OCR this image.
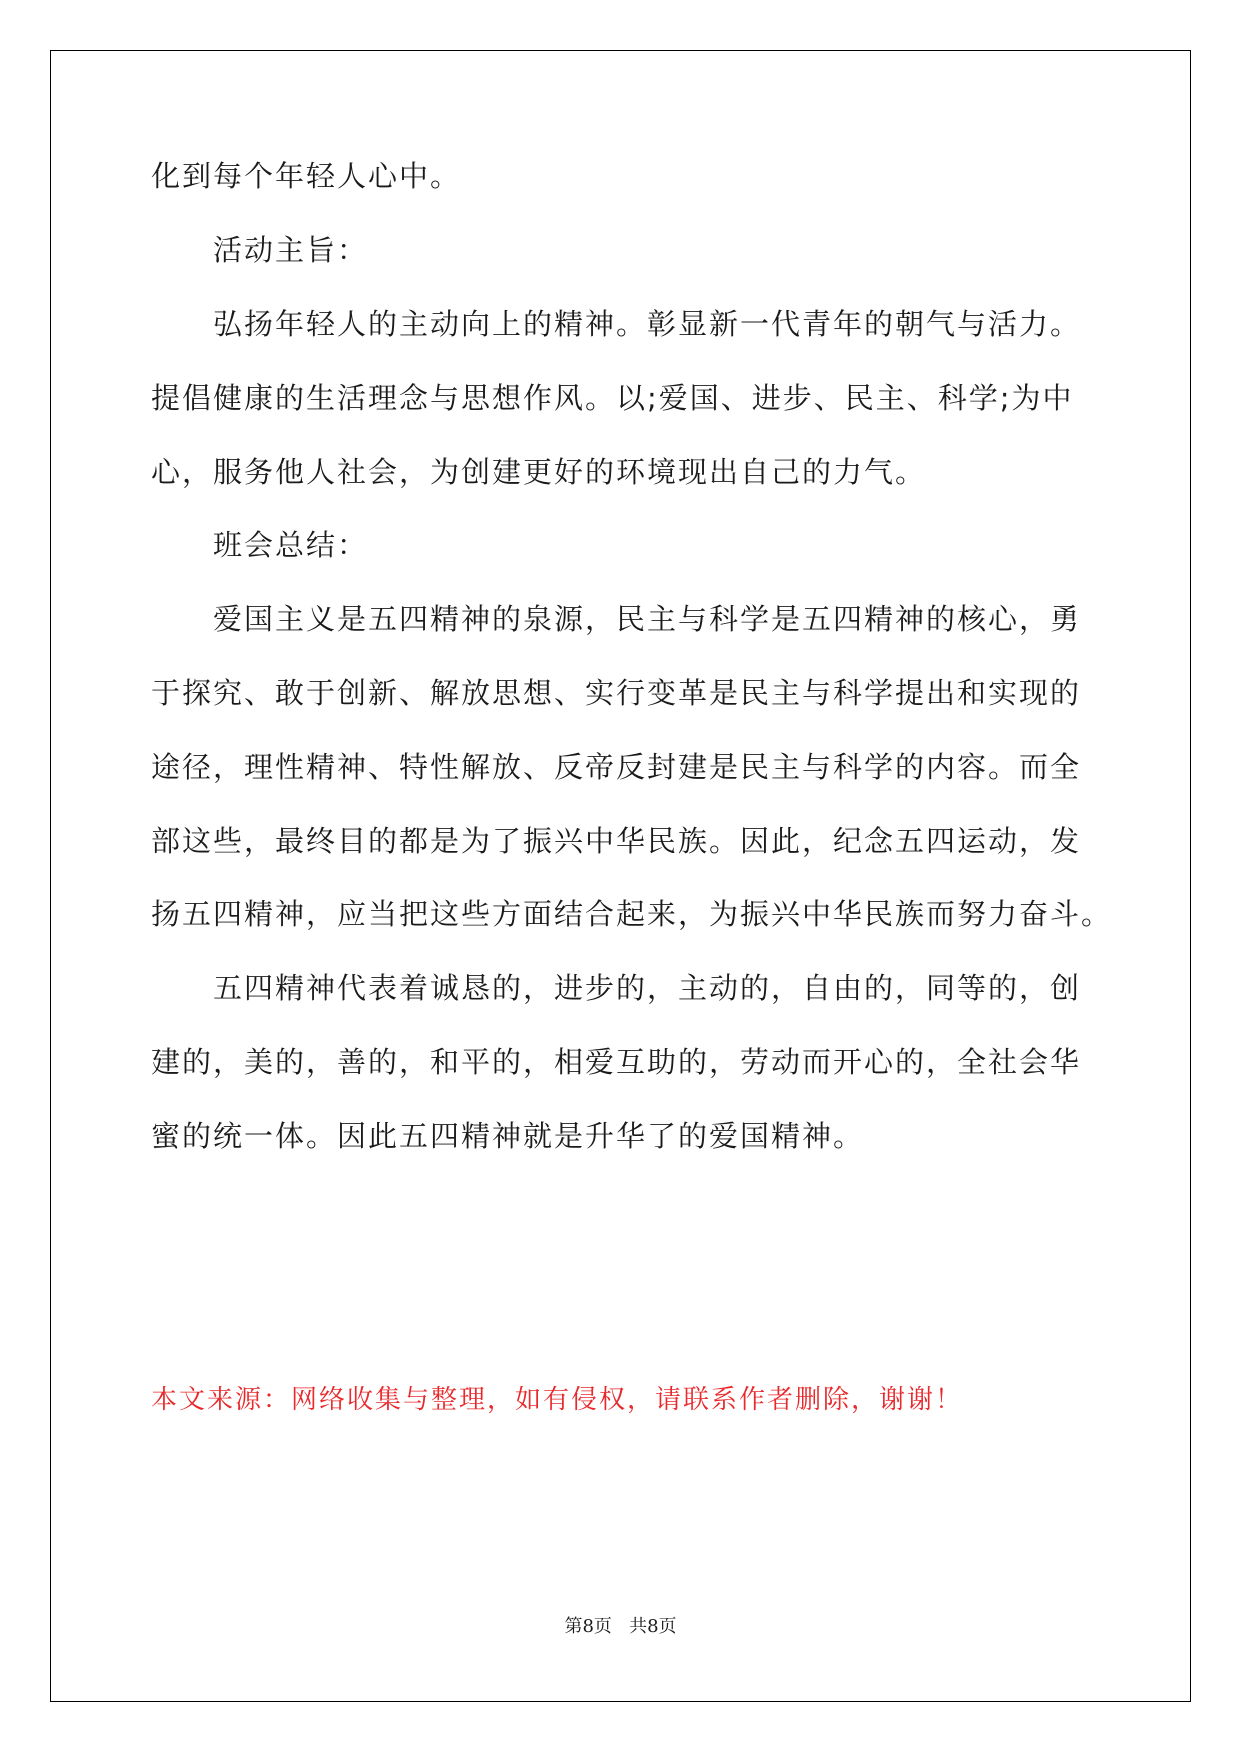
化到每个年轻人心中。
活动主旨：
弘扬年轻人的主动向上的精神。彰显新一代青年的朝气与活力。
提倡健康的生活理念与思想作风。以;爱国、进步、民主、科学;为中
心，服务他人社会，为创建更好的环境现出自己的力气。
班会总结：
爱国主义是五四精神的泉源，民主与科学是五四精神的核心，勇
于探究、敢于创新、解放思想、实行变革是民主与科学提出和实现的
途径，理性精神、特性解放、反帝反封建是民主与科学的内容。而全
部这些，最终目的都是为了振兴中华民族。因此，纪念五四运动，发
扬五四精神，应当把这些方面结合起来，为振兴中华民族而努力奋斗。
五四精神代表着诚恳的，进步的，主动的，自由的，同等的，创
建的，美的，善的，和平的，相爱互助的，劳动而开心的，全社会华
蜜的统一体。因此五四精神就是升华了的爱国精神。
本文来源：网络收集与整理，如有侵权，请联系作者删除，谢谢！
第8页   共8页
